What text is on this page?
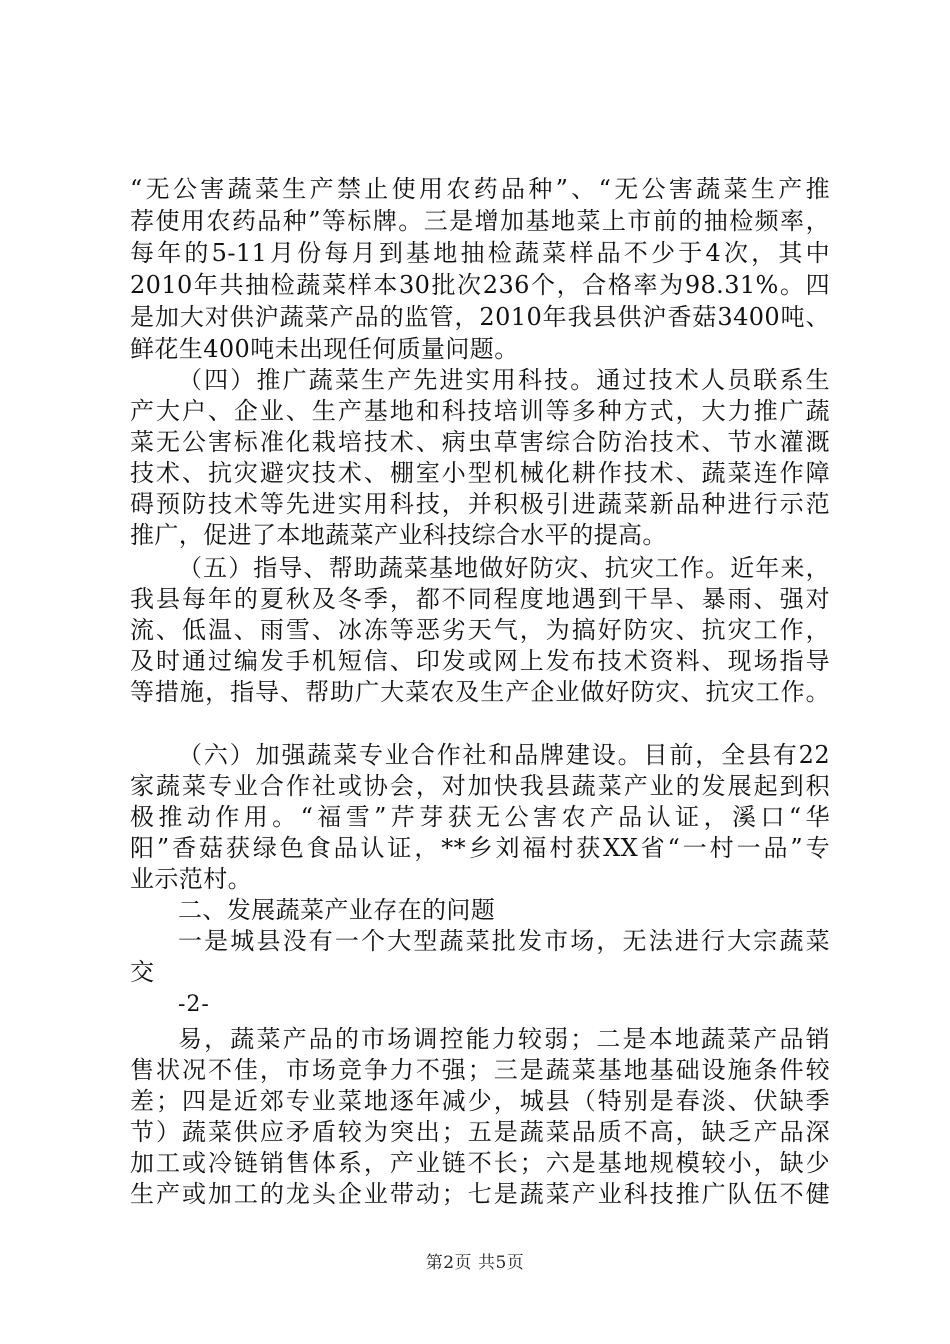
“无公害蔬菜生产禁止使用农药品种”、“无公害蔬菜生产推
荐使用农药品种”等标牌。三是增加基地菜上市前的抽检频率，
每年的5-11月份每月到基地抽检蔬菜样品不少于4次，其中
2010年共抽检蔬菜样本30批次236个，合格率为98.31%。四
是加大对供沪蔬菜产品的监管，2010年我县供沪香菇3400吨、
鲜花生400吨未出现任何质量问题。
（四）推广蔬菜生产先进实用科技。通过技术人员联系生
产大户、企业、生产基地和科技培训等多种方式，大力推广蔬
菜无公害标准化栽培技术、病虫草害综合防治技术、节水灌溉
技术、抗灾避灾技术、棚室小型机械化耕作技术、蔬菜连作障
碍预防技术等先进实用科技，并积极引进蔬菜新品种进行示范
推广，促进了本地蔬菜产业科技综合水平的提高。
（五）指导、帮助蔬菜基地做好防灾、抗灾工作。近年来，
我县每年的夏秋及冬季，都不同程度地遇到干旱、暴雨、强对
流、低温、雨雪、冰冻等恶劣天气，为搞好防灾、抗灾工作，
及时通过编发手机短信、印发或网上发布技术资料、现场指导
等措施，指导、帮助广大菜农及生产企业做好防灾、抗灾工作。
（六）加强蔬菜专业合作社和品牌建设。目前，全县有22
家蔬菜专业合作社或协会，对加快我县蔬菜产业的发展起到积
极推动作用。“福雪”芹芽获无公害农产品认证，溪口“华
阳”香菇获绿色食品认证，**乡刘福村获XX省“一村一品”专
业示范村。
二、发展蔬菜产业存在的问题
一是城县没有一个大型蔬菜批发市场，无法进行大宗蔬菜
交
-2-
易，蔬菜产品的市场调控能力较弱；二是本地蔬菜产品销
售状况不佳，市场竞争力不强；三是蔬菜基地基础设施条件较
差；四是近郊专业菜地逐年减少，城县（特别是春淡、伏缺季
节）蔬菜供应矛盾较为突出；五是蔬菜品质不高，缺乏产品深
加工或冷链销售体系，产业链不长；六是基地规模较小，缺少
生产或加工的龙头企业带动；七是蔬菜产业科技推广队伍不健
第2页 共5页
